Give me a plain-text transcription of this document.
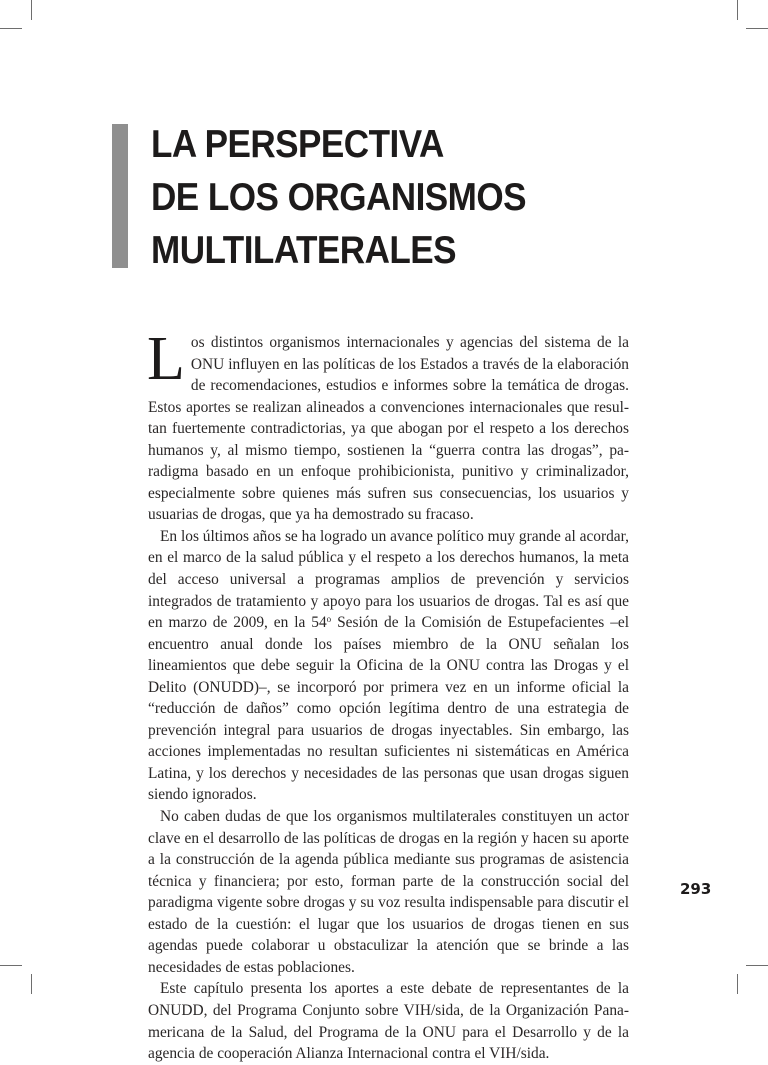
LA PERSPECTIVA
DE LOS ORGANISMOS
MULTILATERALES

Los distintos organismos internacionales y agencias del sistema de la ONU influyen en las políticas de los Estados a través de la elaboración de recomendaciones, estudios e informes sobre la temática de drogas. Estos aportes se realizan alineados a convenciones internacionales que resultan fuertemente contradictorias, ya que abogan por el respeto a los derechos humanos y, al mismo tiempo, sostienen la “guerra contra las drogas”, paradigma basado en un enfoque prohibicionista, punitivo y criminalizador, especialmente sobre quienes más sufren sus consecuencias, los usuarios y usuarias de drogas, que ya ha demostrado su fracaso.

En los últimos años se ha logrado un avance político muy grande al acordar, en el marco de la salud pública y el respeto a los derechos humanos, la meta del acceso universal a programas amplios de prevención y servicios integrados de tratamiento y apoyo para los usuarios de drogas. Tal es así que en marzo de 2009, en la 54$^o$ Sesión de la Comisión de Estupefacientes –el encuentro anual donde los países miembro de la ONU señalan los lineamientos que debe seguir la Oficina de la ONU contra las Drogas y el Delito (ONUDD)–, se incorporó por primera vez en un informe oficial la “reducción de daños” como opción legítima dentro de una estrategia de prevención integral para usuarios de drogas inyectables. Sin embargo, las acciones implementadas no resultan suficientes ni sistemáticas en América Latina, y los derechos y necesidades de las personas que usan drogas siguen siendo ignorados.

No caben dudas de que los organismos multilaterales constituyen un actor clave en el desarrollo de las políticas de drogas en la región y hacen su aporte a la construcción de la agenda pública mediante sus programas de asistencia técnica y financiera; por esto, forman parte de la construcción social del paradigma vigente sobre drogas y su voz resulta indispensable para discutir el estado de la cuestión: el lugar que los usuarios de drogas tienen en sus agendas puede colaborar u obstaculizar la atención que se brinde a las necesidades de estas poblaciones.

Este capítulo presenta los aportes a este debate de representantes de la ONUDD, del Programa Conjunto sobre VIH/sida, de la Organización Panamericana de la Salud, del Programa de la ONU para el Desarrollo y de la agencia de cooperación Alianza Internacional contra el VIH/sida.

293
